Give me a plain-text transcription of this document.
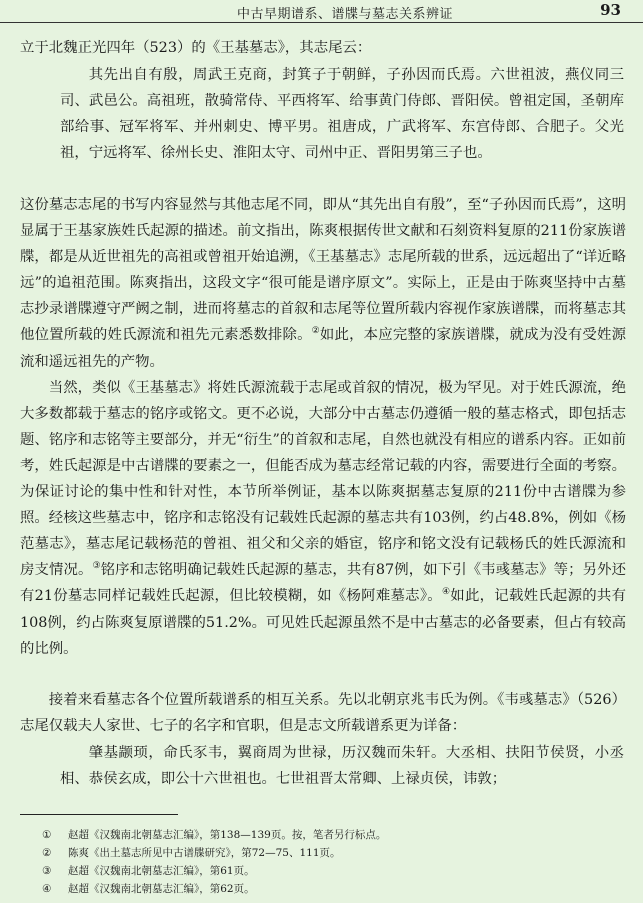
中古早期谱系、谱牒与墓志关系辨证	93

立于北魏正光四年（523）的《王基墓志》，其志尾云：

其先出自有殷，周武王克商，封箕子于朝鲜，子孙因而氏焉。六世祖波，燕仪同三司、武邑公。高祖班，散骑常侍、平西将军、给事黄门侍郎、晋阳侯。曾祖定国，圣朝库部给事、冠军将军、并州刺史、博平男。祖唐成，广武将军、东宫侍郎、合肥子。父光祖，宁远将军、徐州长史、淮阳太守、司州中正、晋阳男第三子也。

这份墓志志尾的书写内容显然与其他志尾不同，即从“其先出自有殷”，至“子孙因而氏焉”，这明显属于王基家族姓氏起源的描述。前文指出，陈爽根据传世文献和石刻资料复原的211份家族谱牒，都是从近世祖先的高祖或曾祖开始追溯，《王基墓志》志尾所载的世系，远远超出了“详近略远”的追祖范围。陈爽指出，这段文字“很可能是谱序原文”。实际上，正是由于陈爽坚持中古墓志抄录谱牒遵守严阙之制，进而将墓志的首叙和志尾等位置所载内容视作家族谱牒，而将墓志其他位置所载的姓氏源流和祖先元素悉数排除。②如此，本应完整的家族谱牒，就成为没有受姓源流和遥远祖先的产物。

当然，类似《王基墓志》将姓氏源流载于志尾或首叙的情况，极为罕见。对于姓氏源流，绝大多数都载于墓志的铭序或铭文。更不必说，大部分中古墓志仍遵循一般的墓志格式，即包括志题、铭序和志铭等主要部分，并无“衍生”的首叙和志尾，自然也就没有相应的谱系内容。正如前考，姓氏起源是中古谱牒的要素之一，但能否成为墓志经常记载的内容，需要进行全面的考察。为保证讨论的集中性和针对性，本节所举例证，基本以陈爽据墓志复原的211份中古谱牒为参照。经核这些墓志中，铭序和志铭没有记载姓氏起源的墓志共有103例，约占48.8%，例如《杨范墓志》，墓志尾记载杨范的曾祖、祖父和父亲的婚宦，铭序和铭文没有记载杨氏的姓氏源流和房支情况。③铭序和志铭明确记载姓氏起源的墓志，共有87例，如下引《韦彧墓志》等；另外还有21份墓志同样记载姓氏起源，但比较模糊，如《杨阿难墓志》。④如此，记载姓氏起源的共有108例，约占陈爽复原谱牒的51.2%。可见姓氏起源虽然不是中古墓志的必备要素，但占有较高的比例。

接着来看墓志各个位置所载谱系的相互关系。先以北朝京兆韦氏为例。《韦彧墓志》（526）志尾仅载夫人家世、七子的名字和官职，但是志文所载谱系更为详备：

肇基颛顼，命氏豕韦，翼商周为世禄，历汉魏而朱轩。大丞相、扶阳节侯贤，小丞相、恭侯玄成，即公十六世祖也。七世祖晋太常卿、上禄贞侯，讳敦；

①	赵超《汉魏南北朝墓志汇编》，第138—139页。按，笔者另行标点。
②	陈爽《出土墓志所见中古谱牒研究》，第72—75、111页。
③	赵超《汉魏南北朝墓志汇编》，第61页。
④	赵超《汉魏南北朝墓志汇编》，第62页。
